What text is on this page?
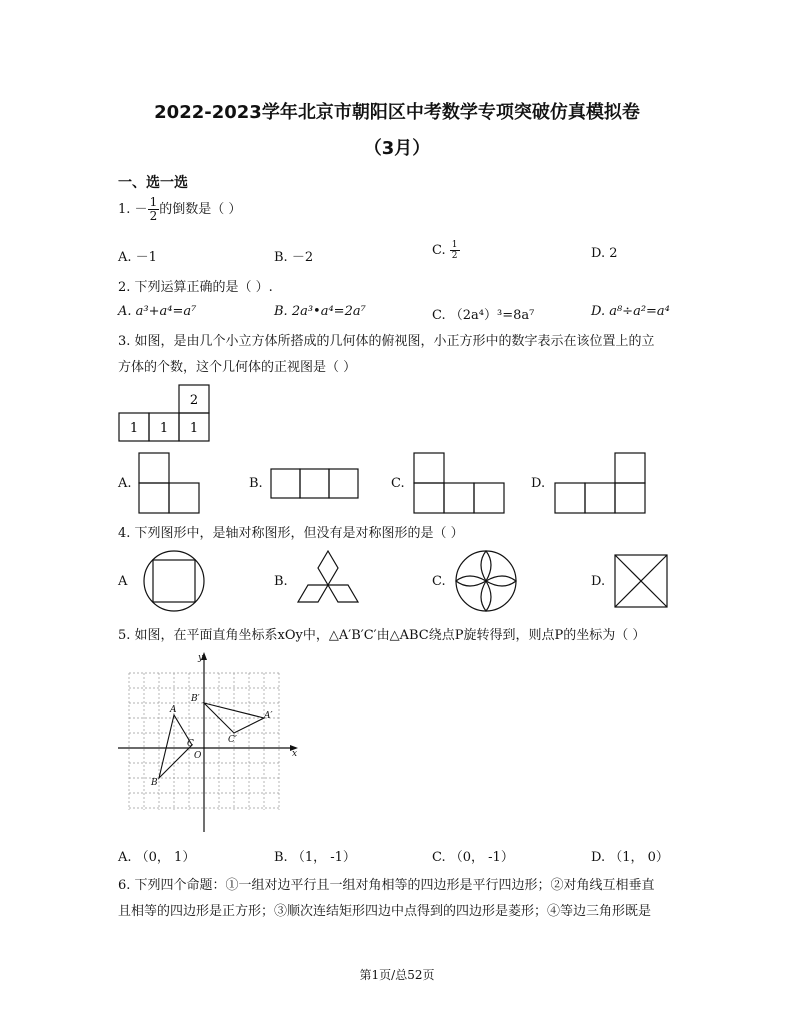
2022-2023学年北京市朝阳区中考数学专项突破仿真模拟卷
（3月）
一、选一选
1. － $\frac{1}{2}$ 的倒数是（ ）
A. －1	B. －2	C. $\frac{1}{2}$	D. 2
2. 下列运算正确的是（ ）.
A. a³+a⁴=a⁷	B. 2a³•a⁴=2a⁷	C. （2a⁴）³=8a⁷	D. a⁸÷a²=a⁴
3. 如图，是由几个小立方体所搭成的几何体的俯视图，小正方形中的数字表示在该位置上的立
方体的个数，这个几何体的正视图是（ ）
2
1 1 1
A.	B.	C.	D.
4. 下列图形中，是轴对称图形，但没有是对称图形的是（ ）
A	B.	C.	D.
5. 如图，在平面直角坐标系xOy中，△A′B′C′由△ABC绕点P旋转得到，则点P的坐标为（ ）
y
x
O
A
B
C
A′
B′
C′
A. （0， 1）	B. （1， -1）	C. （0， -1）	D. （1， 0）
6. 下列四个命题：①一组对边平行且一组对角相等的四边形是平行四边形；②对角线互相垂直
且相等的四边形是正方形；③顺次连结矩形四边中点得到的四边形是菱形；④等边三角形既是
第1页/总52页
